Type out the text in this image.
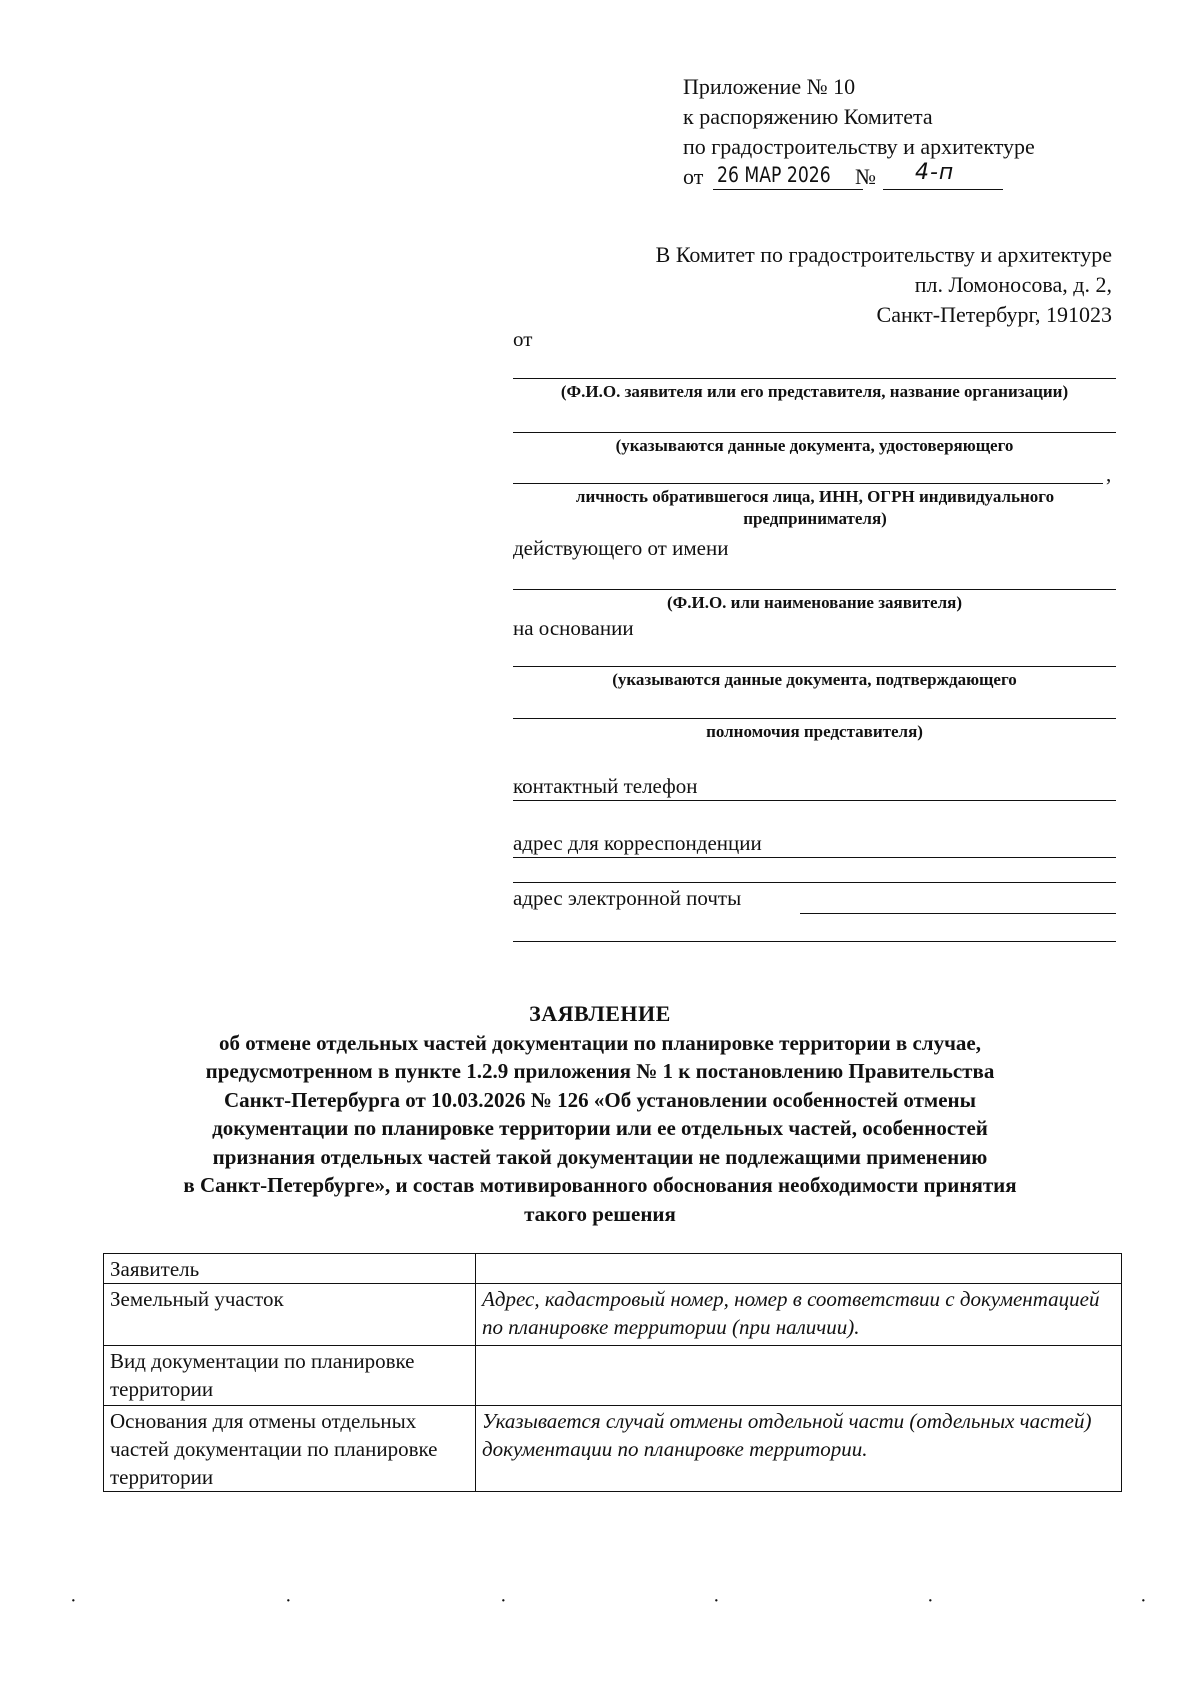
Приложение № 10
к распоряжению Комитета
по градостроительству и архитектуре
от 26 МАР 2026 № 4-п
В Комитет по градостроительству и архитектуре
пл. Ломоносова, д. 2,
Санкт-Петербург, 191023
от
(Ф.И.О. заявителя или его представителя, название организации)
(указываются данные документа, удостоверяющего
,
личность обратившегося лица, ИНН, ОГРН индивидуального предпринимателя)
действующего от имени
(Ф.И.О. или наименование заявителя)
на основании
(указываются данные документа, подтверждающего
полномочия представителя)
контактный телефон
адрес для корреспонденции
адрес электронной почты
ЗАЯВЛЕНИЕ
об отмене отдельных частей документации по планировке территории в случае,
предусмотренном в пункте 1.2.9 приложения № 1 к постановлению Правительства
Санкт-Петербурга от 10.03.2026 № 126 «Об установлении особенностей отмены
документации по планировке территории или ее отдельных частей, особенностей
признания отдельных частей такой документации не подлежащими применению
в Санкт-Петербурге», и состав мотивированного обоснования необходимости принятия
такого решения
Заявитель	
Земельный участок	Адрес, кадастровый номер, номер в соответствии с документацией по планировке территории (при наличии).
Вид документации по планировке территории	
Основания для отмены отдельных частей документации по планировке территории	Указывается случай отмены отдельной части (отдельных частей) документации по планировке территории.
·	·	·	·	·	·
